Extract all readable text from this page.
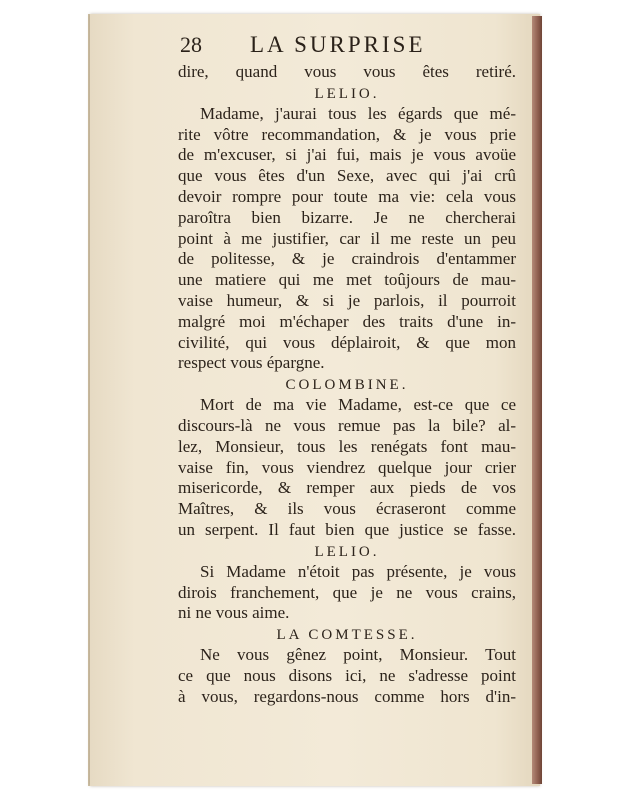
28 LA SURPRISE
dire, quand vous vous êtes retiré.
LELIO.
Madame, j'aurai tous les égards que mé-
rite vôtre recommandation, & je vous prie
de m'excuser, si j'ai fui, mais je vous avoüe
que vous êtes d'un Sexe, avec qui j'ai crû
devoir rompre pour toute ma vie: cela vous
paroîtra bien bizarre. Je ne chercherai
point à me justifier, car il me reste un peu
de politesse, & je craindrois d'entammer
une matiere qui me met toûjours de mau-
vaise humeur, & si je parlois, il pourroit
malgré moi m'échaper des traits d'une in-
civilité, qui vous déplairoit, & que mon
respect vous épargne.
COLOMBINE.
Mort de ma vie Madame, est-ce que ce
discours-là ne vous remue pas la bile? al-
lez, Monsieur, tous les renégats font mau-
vaise fin, vous viendrez quelque jour crier
misericorde, & remper aux pieds de vos
Maîtres, & ils vous écraseront comme
un serpent. Il faut bien que justice se fasse.
LELIO.
Si Madame n'étoit pas présente, je vous
dirois franchement, que je ne vous crains,
ni ne vous aime.
LA COMTESSE.
Ne vous gênez point, Monsieur. Tout
ce que nous disons ici, ne s'adresse point
à vous, regardons-nous comme hors d'in-
